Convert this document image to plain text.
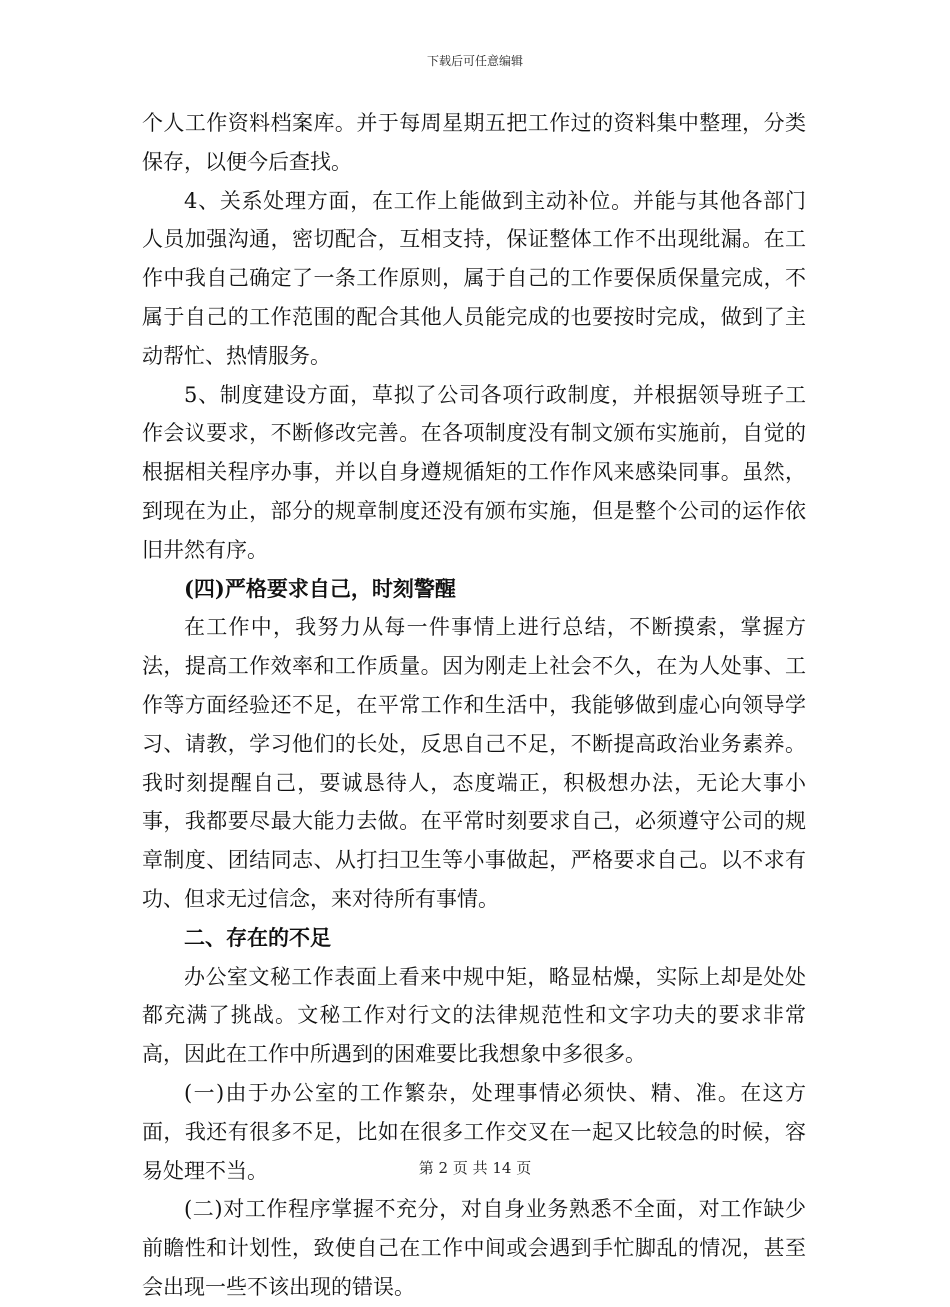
下载后可任意编辑

个人工作资料档案库。并于每周星期五把工作过的资料集中整理，分类保存，以便今后查找。

4、关系处理方面，在工作上能做到主动补位。并能与其他各部门人员加强沟通，密切配合，互相支持，保证整体工作不出现纰漏。在工作中我自己确定了一条工作原则，属于自己的工作要保质保量完成，不属于自己的工作范围的配合其他人员能完成的也要按时完成，做到了主动帮忙、热情服务。

5、制度建设方面，草拟了公司各项行政制度，并根据领导班子工作会议要求，不断修改完善。在各项制度没有制文颁布实施前，自觉的根据相关程序办事，并以自身遵规循矩的工作作风来感染同事。虽然，到现在为止，部分的规章制度还没有颁布实施，但是整个公司的运作依旧井然有序。

(四)严格要求自己，时刻警醒

在工作中，我努力从每一件事情上进行总结，不断摸索，掌握方法，提高工作效率和工作质量。因为刚走上社会不久，在为人处事、工作等方面经验还不足，在平常工作和生活中，我能够做到虚心向领导学习、请教，学习他们的长处，反思自己不足，不断提高政治业务素养。我时刻提醒自己，要诚恳待人，态度端正，积极想办法，无论大事小事，我都要尽最大能力去做。在平常时刻要求自己，必须遵守公司的规章制度、团结同志、从打扫卫生等小事做起，严格要求自己。以不求有功、但求无过信念，来对待所有事情。

二、存在的不足

办公室文秘工作表面上看来中规中矩，略显枯燥，实际上却是处处都充满了挑战。文秘工作对行文的法律规范性和文字功夫的要求非常高，因此在工作中所遇到的困难要比我想象中多很多。

(一)由于办公室的工作繁杂，处理事情必须快、精、准。在这方面，我还有很多不足，比如在很多工作交叉在一起又比较急的时候，容易处理不当。

(二)对工作程序掌握不充分，对自身业务熟悉不全面，对工作缺少前瞻性和计划性，致使自己在工作中间或会遇到手忙脚乱的情况，甚至会出现一些不该出现的错误。

第 2 页 共 14 页
